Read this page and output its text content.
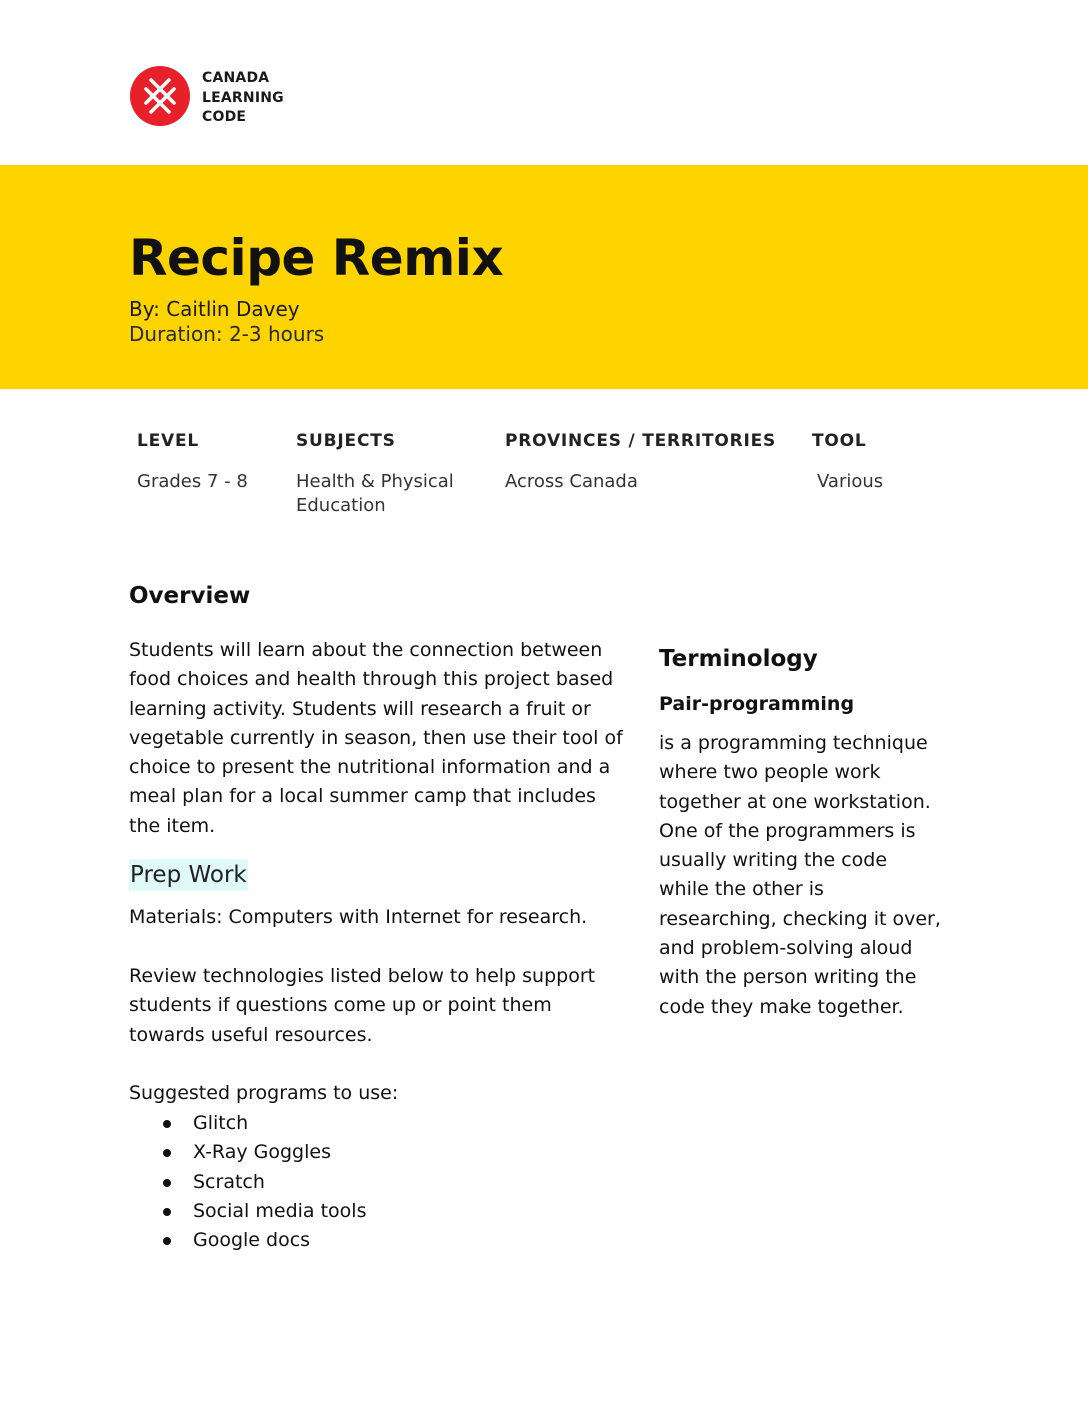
CANADA
LEARNING
CODE
Recipe Remix
By: Caitlin Davey
Duration: 2-3 hours
LEVEL
Grades 7 - 8
SUBJECTS
Health & Physical
Education
PROVINCES / TERRITORIES
Across Canada
TOOL
Various
Overview
Students will learn about the connection between
food choices and health through this project based
learning activity. Students will research a fruit or
vegetable currently in season, then use their tool of
choice to present the nutritional information and a
meal plan for a local summer camp that includes
the item.
Prep Work
Materials: Computers with Internet for research.
Review technologies listed below to help support
students if questions come up or point them
towards useful resources.
Suggested programs to use:
Glitch
X-Ray Goggles
Scratch
Social media tools
Google docs
Terminology
Pair-programming
is a programming technique
where two people work
together at one workstation.
One of the programmers is
usually writing the code
while the other is
researching, checking it over,
and problem-solving aloud
with the person writing the
code they make together.
